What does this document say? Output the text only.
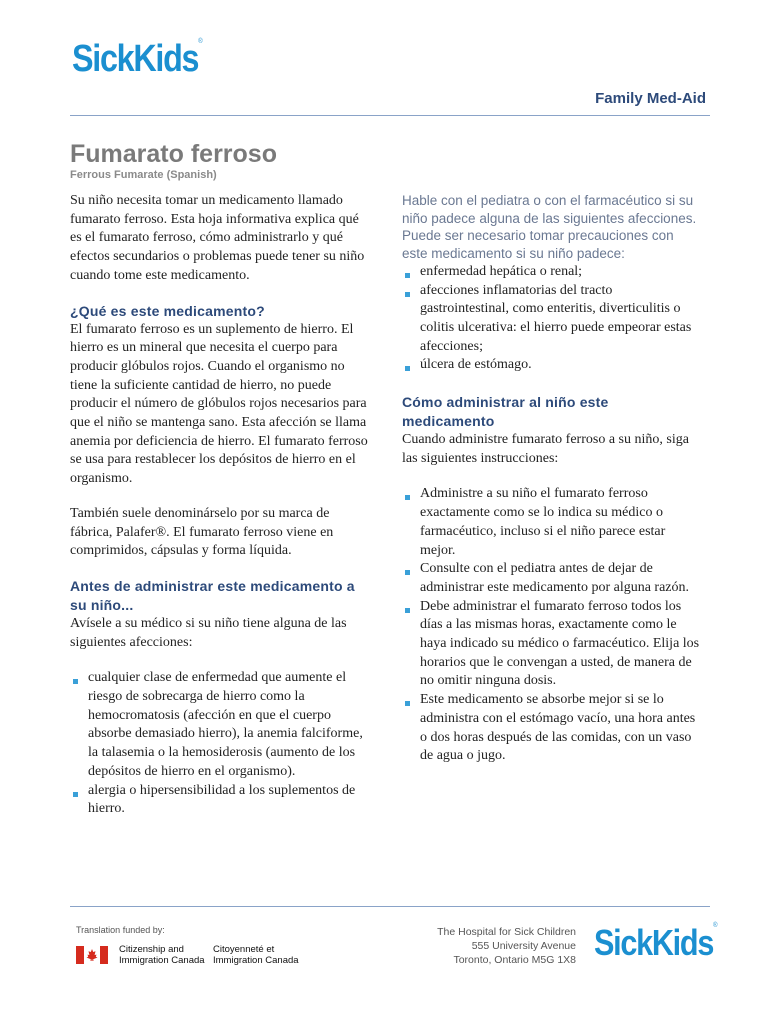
SickKids®
Family Med-Aid
Fumarato ferroso
Ferrous Fumarate (Spanish)

Su niño necesita tomar un medicamento llamado fumarato ferroso. Esta hoja informativa explica qué es el fumarato ferroso, cómo administrarlo y qué efectos secundarios o problemas puede tener su niño cuando tome este medicamento.

¿Qué es este medicamento?

El fumarato ferroso es un suplemento de hierro. El hierro es un mineral que necesita el cuerpo para producir glóbulos rojos. Cuando el organismo no tiene la suficiente cantidad de hierro, no puede producir el número de glóbulos rojos necesarios para que el niño se mantenga sano. Esta afección se llama anemia por deficiencia de hierro. El fumarato ferroso se usa para restablecer los depósitos de hierro en el organismo.

También suele denominárselo por su marca de fábrica, Palafer®. El fumarato ferroso viene en comprimidos, cápsulas y forma líquida.

Antes de administrar este medicamento a su niño...

Avísele a su médico si su niño tiene alguna de las siguientes afecciones:

cualquier clase de enfermedad que aumente el riesgo de sobrecarga de hierro como la hemocromatosis (afección en que el cuerpo absorbe demasiado hierro), la anemia falciforme, la talasemia o la hemosiderosis (aumento de los depósitos de hierro en el organismo).
alergia o hipersensibilidad a los suplementos de hierro.

Hable con el pediatra o con el farmacéutico si su niño padece alguna de las siguientes afecciones. Puede ser necesario tomar precauciones con este medicamento si su niño padece:

enfermedad hepática o renal;
afecciones inflamatorias del tracto gastrointestinal, como enteritis, diverticulitis o colitis ulcerativa: el hierro puede empeorar estas afecciones;
úlcera de estómago.
Cómo administrar al niño este medicamento

Cuando administre fumarato ferroso a su niño, siga las siguientes instrucciones:

Administre a su niño el fumarato ferroso exactamente como se lo indica su médico o farmacéutico, incluso si el niño parece estar mejor.
Consulte con el pediatra antes de dejar de administrar este medicamento por alguna razón.
Debe administrar el fumarato ferroso todos los días a las mismas horas, exactamente como le haya indicado su médico o farmacéutico. Elija los horarios que le convengan a usted, de manera de no omitir ninguna dosis.
Este medicamento se absorbe mejor si se lo administra con el estómago vacío, una hora antes o dos horas después de las comidas, con un vaso de agua o jugo.
Translation funded by:
Citizenship and
Immigration Canada
Citoyenneté et
Immigration Canada
The Hospital for Sick Children
555 University Avenue
Toronto, Ontario M5G 1X8 SickKids®
